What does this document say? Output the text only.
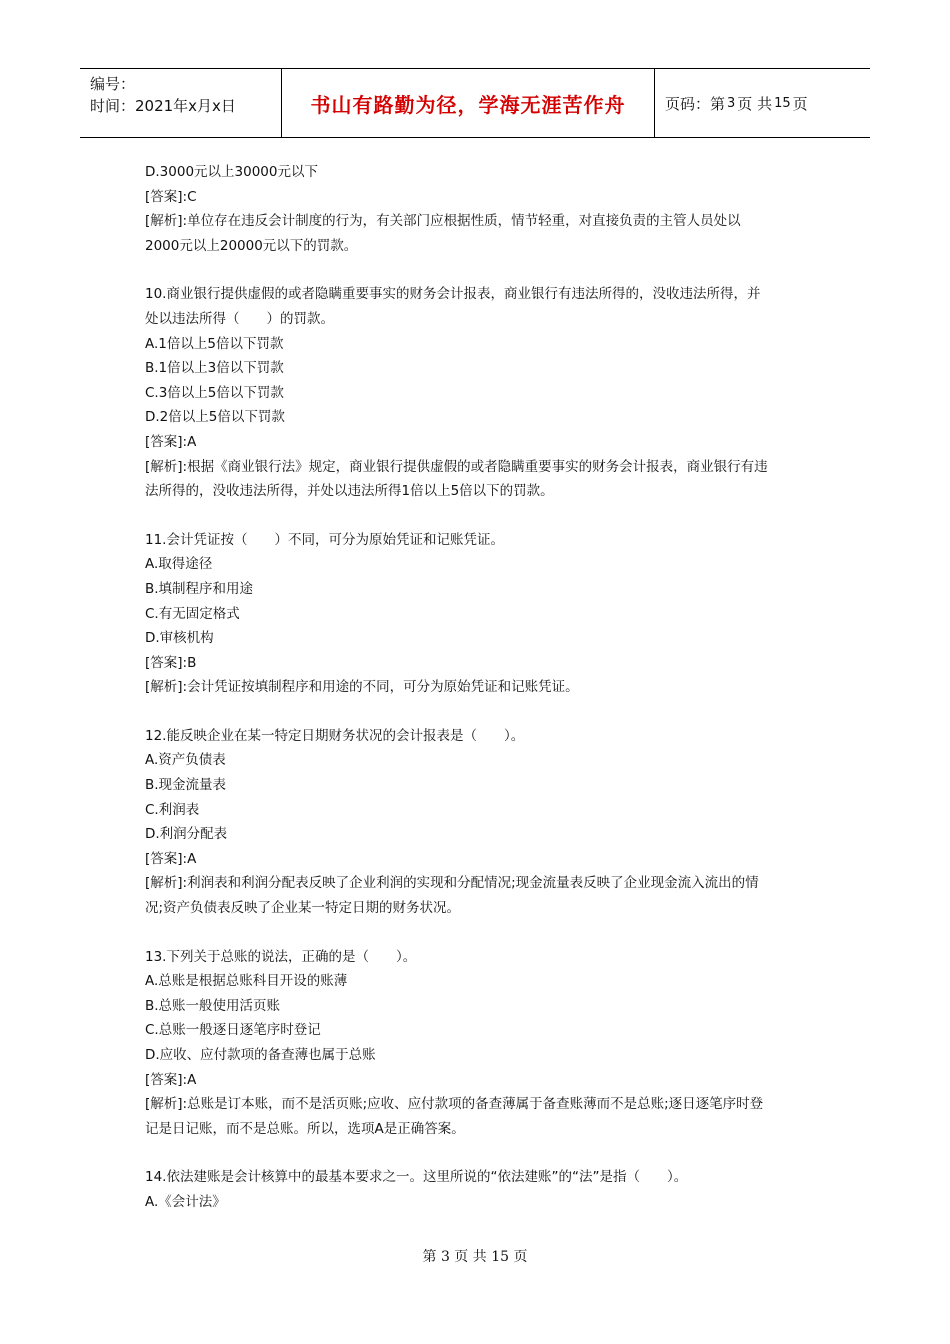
编号：
时间：2021年x月x日	书山有路勤为径，学海无涯苦作舟	页码：第 3 页 共 15 页
D.3000元以上30000元以下
[答案]:C
[解析]:单位存在违反会计制度的行为，有关部门应根据性质，情节轻重，对直接负责的主管人员处以
2000元以上20000元以下的罚款。
10.商业银行提供虚假的或者隐瞒重要事实的财务会计报表，商业银行有违法所得的，没收违法所得，并
处以违法所得（　　）的罚款。
A.1倍以上5倍以下罚款
B.1倍以上3倍以下罚款
C.3倍以上5倍以下罚款
D.2倍以上5倍以下罚款
[答案]:A
[解析]:根据《商业银行法》规定，商业银行提供虚假的或者隐瞒重要事实的财务会计报表，商业银行有违
法所得的，没收违法所得，并处以违法所得1倍以上5倍以下的罚款。
11.会计凭证按（　　）不同，可分为原始凭证和记账凭证。
A.取得途径
B.填制程序和用途
C.有无固定格式
D.审核机构
[答案]:B
[解析]:会计凭证按填制程序和用途的不同，可分为原始凭证和记账凭证。
12.能反映企业在某一特定日期财务状况的会计报表是（　　）。
A.资产负债表
B.现金流量表
C.利润表
D.利润分配表
[答案]:A
[解析]:利润表和利润分配表反映了企业利润的实现和分配情况;现金流量表反映了企业现金流入流出的情
况;资产负债表反映了企业某一特定日期的财务状况。
13.下列关于总账的说法，正确的是（　　）。
A.总账是根据总账科目开设的账薄
B.总账一般使用活页账
C.总账一般逐日逐笔序时登记
D.应收、应付款项的备查薄也属于总账
[答案]:A
[解析]:总账是订本账，而不是活页账;应收、应付款项的备查薄属于备查账薄而不是总账;逐日逐笔序时登
记是日记账，而不是总账。所以，选项A是正确答案。
14.依法建账是会计核算中的最基本要求之一。这里所说的“依法建账”的“法”是指（　　）。
A.《会计法》
第 3 页 共 15 页
